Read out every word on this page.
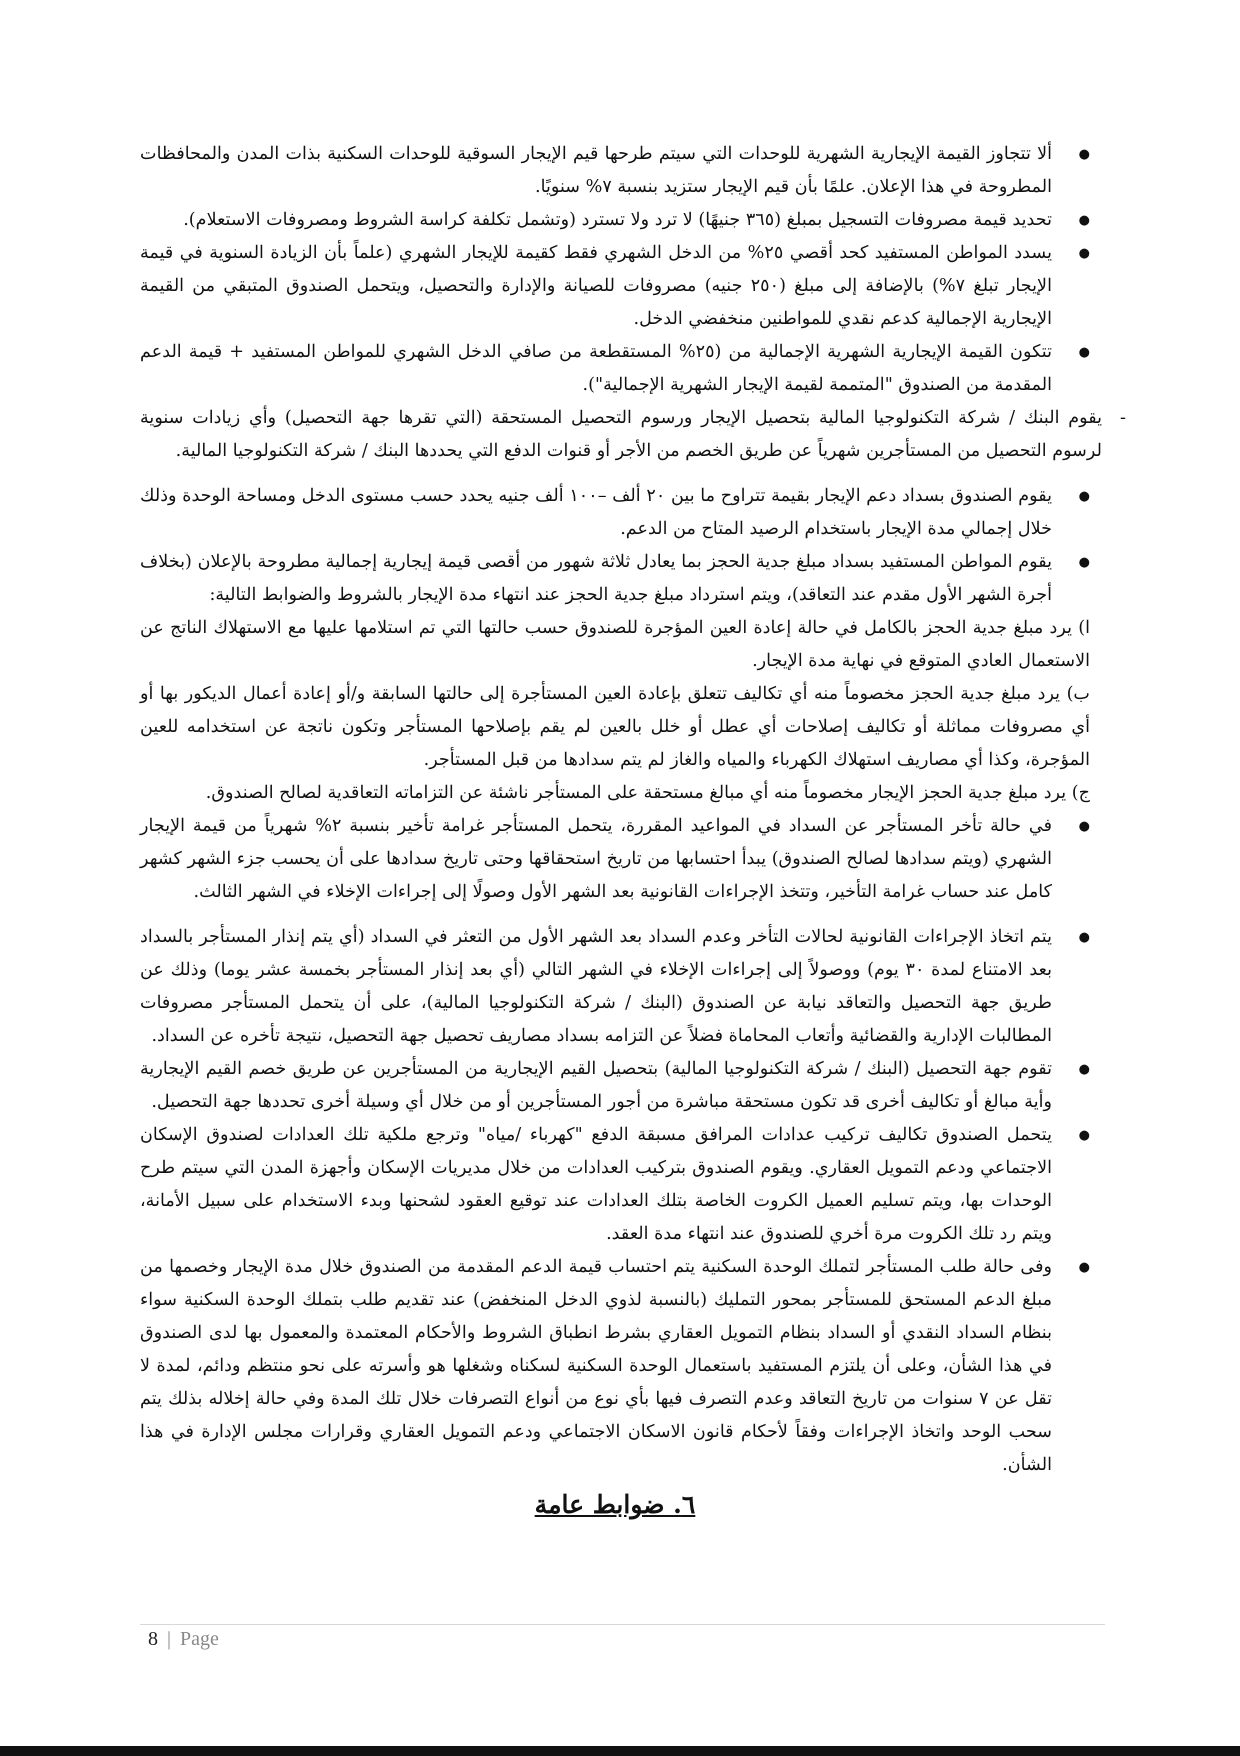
● ألا تتجاوز القيمة الإيجارية الشهرية للوحدات التي سيتم طرحها قيم الإيجار السوقية للوحدات السكنية بذات المدن والمحافظات المطروحة في هذا الإعلان. علمًا بأن قيم الإيجار ستزيد بنسبة ٧% سنويًا.
● تحديد قيمة مصروفات التسجيل بمبلغ (٣٦٥ جنيهًا) لا ترد ولا تسترد (وتشمل تكلفة كراسة الشروط ومصروفات الاستعلام).
● يسدد المواطن المستفيد كحد أقصي ٢٥% من الدخل الشهري فقط كقيمة للإيجار الشهري (علماً بأن الزيادة السنوية في قيمة الإيجار تبلغ ٧%) بالإضافة إلى مبلغ (٢٥٠ جنيه) مصروفات للصيانة والإدارة والتحصيل، ويتحمل الصندوق المتبقي من القيمة الإيجارية الإجمالية كدعم نقدي للمواطنين منخفضي الدخل.
● تتكون القيمة الإيجارية الشهرية الإجمالية من (٢٥% المستقطعة من صافي الدخل الشهري للمواطن المستفيد + قيمة الدعم المقدمة من الصندوق "المتممة لقيمة الإيجار الشهرية الإجمالية").
-
يقوم البنك / شركة التكنولوجيا المالية بتحصيل الإيجار ورسوم التحصيل المستحقة (التي تقرها جهة التحصيل) وأي زيادات سنوية لرسوم التحصيل من المستأجرين شهرياً عن طريق الخصم من الأجر أو قنوات الدفع التي يحددها البنك / شركة التكنولوجيا المالية.
● يقوم الصندوق بسداد دعم الإيجار بقيمة تتراوح ما بين ٢٠ ألف –١٠٠ ألف جنيه يحدد حسب مستوى الدخل ومساحة الوحدة وذلك خلال إجمالي مدة الإيجار باستخدام الرصيد المتاح من الدعم.
● يقوم المواطن المستفيد بسداد مبلغ جدية الحجز بما يعادل ثلاثة شهور من أقصى قيمة إيجارية إجمالية مطروحة بالإعلان (بخلاف أجرة الشهر الأول مقدم عند التعاقد)، ويتم استرداد مبلغ جدية الحجز عند انتهاء مدة الإيجار بالشروط والضوابط التالية:
ا) يرد مبلغ جدية الحجز بالكامل في حالة إعادة العين المؤجرة للصندوق حسب حالتها التي تم استلامها عليها مع الاستهلاك الناتج عن الاستعمال العادي المتوقع في نهاية مدة الإيجار.
ب) يرد مبلغ جدية الحجز مخصوماً منه أي تكاليف تتعلق بإعادة العين المستأجرة إلى حالتها السابقة و/أو إعادة أعمال الديكور بها أو أي مصروفات مماثلة أو تكاليف إصلاحات أي عطل أو خلل بالعين لم يقم بإصلاحها المستأجر وتكون ناتجة عن استخدامه للعين المؤجرة، وكذا أي مصاريف استهلاك الكهرباء والمياه والغاز لم يتم سدادها من قبل المستأجر.
ج) يرد مبلغ جدية الحجز الإيجار مخصوماً منه أي مبالغ مستحقة على المستأجر ناشئة عن التزاماته التعاقدية لصالح الصندوق.
● في حالة تأخر المستأجر عن السداد في المواعيد المقررة، يتحمل المستأجر غرامة تأخير بنسبة ٢% شهرياً من قيمة الإيجار الشهري (ويتم سدادها لصالح الصندوق) يبدأ احتسابها من تاريخ استحقاقها وحتى تاريخ سدادها على أن يحسب جزء الشهر كشهر كامل عند حساب غرامة التأخير، وتتخذ الإجراءات القانونية بعد الشهر الأول وصولًا إلى إجراءات الإخلاء في الشهر الثالث.
● يتم اتخاذ الإجراءات القانونية لحالات التأخر وعدم السداد بعد الشهر الأول من التعثر في السداد (أي يتم إنذار المستأجر بالسداد بعد الامتناع لمدة ٣٠ يوم) ووصولاً إلى إجراءات الإخلاء في الشهر التالي (أي بعد إنذار المستأجر بخمسة عشر يوما) وذلك عن طريق جهة التحصيل والتعاقد نيابة عن الصندوق (البنك / شركة التكنولوجيا المالية)، على أن يتحمل المستأجر مصروفات المطالبات الإدارية والقضائية وأتعاب المحاماة فضلاً عن التزامه بسداد مصاريف تحصيل جهة التحصيل، نتيجة تأخره عن السداد.
● تقوم جهة التحصيل (البنك / شركة التكنولوجيا المالية) بتحصيل القيم الإيجارية من المستأجرين عن طريق خصم القيم الإيجارية وأية مبالغ أو تكاليف أخرى قد تكون مستحقة مباشرة من أجور المستأجرين أو من خلال أي وسيلة أخرى تحددها جهة التحصيل.
● يتحمل الصندوق تكاليف تركيب عدادات المرافق مسبقة الدفع "كهرباء /مياه" وترجع ملكية تلك العدادات لصندوق الإسكان الاجتماعي ودعم التمويل العقاري. ويقوم الصندوق بتركيب العدادات من خلال مديريات الإسكان وأجهزة المدن التي سيتم طرح الوحدات بها، ويتم تسليم العميل الكروت الخاصة بتلك العدادات عند توقيع العقود لشحنها وبدء الاستخدام على سبيل الأمانة، ويتم رد تلك الكروت مرة أخري للصندوق عند انتهاء مدة العقد.
● وفى حالة طلب المستأجر لتملك الوحدة السكنية يتم احتساب قيمة الدعم المقدمة من الصندوق خلال مدة الإيجار وخصمها من مبلغ الدعم المستحق للمستأجر بمحور التمليك (بالنسبة لذوي الدخل المنخفض) عند تقديم طلب بتملك الوحدة السكنية سواء بنظام السداد النقدي أو السداد بنظام التمويل العقاري بشرط انطباق الشروط والأحكام المعتمدة والمعمول بها لدى الصندوق في هذا الشأن، وعلى أن يلتزم المستفيد باستعمال الوحدة السكنية لسكناه وشغلها هو وأسرته على نحو منتظم ودائم، لمدة لا تقل عن ٧ سنوات من تاريخ التعاقد وعدم التصرف فيها بأي نوع من أنواع التصرفات خلال تلك المدة وفي حالة إخلاله بذلك يتم سحب الوحد واتخاذ الإجراءات وفقاً لأحكام قانون الاسكان الاجتماعي ودعم التمويل العقاري وقرارات مجلس الإدارة في هذا الشأن.
٦. ضوابط عامة
8 | Page
